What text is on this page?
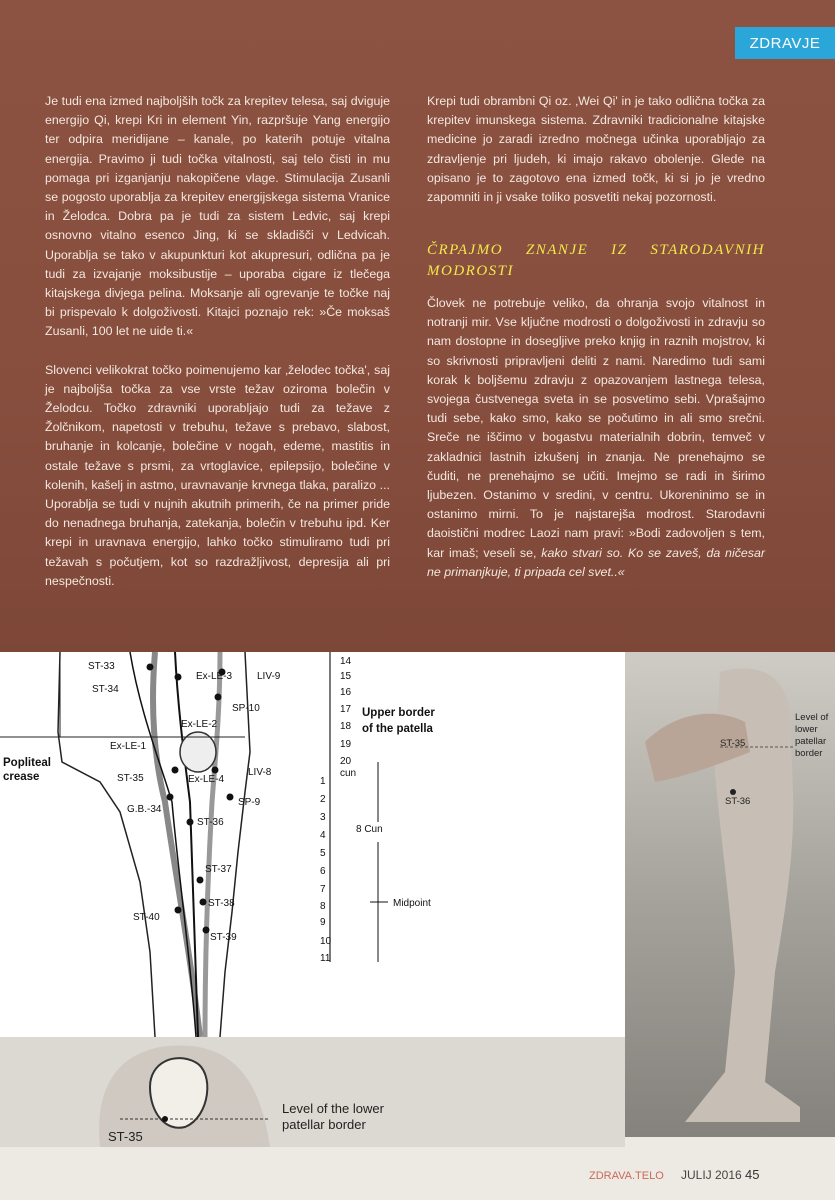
ZDRAVJE

Je tudi ena izmed najboljših točk za krepitev telesa, saj dviguje energijo Qi, krepi Kri in element Yin, razpršuje Yang energijo ter odpira meridijane – kanale, po katerih potuje vitalna energija. Pravimo ji tudi točka vitalnosti, saj telo čisti in mu pomaga pri izganjanju nakopičene vlage. Stimulacija Zusanli se pogosto uporablja za krepitev energijskega sistema Vranice in Želodca. Dobra pa je tudi za sistem Ledvic, saj krepi osnovno vitalno esenco Jing, ki se skladišči v Ledvicah. Uporablja se tako v akupunkturi kot akupresuri, odlična pa je tudi za izvajanje moksibustije – uporaba cigare iz tlečega kitajskega divjega pelina. Moksanje ali ogrevanje te točke naj bi prispevalo k dolgoživosti. Kitajci poznajo rek: »Če moksaš Zusanli, 100 let ne uide ti.«

Slovenci velikokrat točko poimenujemo kar ‚želodec točka', saj je najboljša točka za vse vrste težav oziroma bolečin v Želodcu. Točko zdravniki uporabljajo tudi za težave z Žolčnikom, napetosti v trebuhu, težave s prebavo, slabost, bruhanje in kolcanje, bolečine v nogah, edeme, mastitis in ostale težave s prsmi, za vrtoglavice, epilepsijo, bolečine v kolenih, kašelj in astmo, uravnavanje krvnega tlaka, paralizo ... Uporablja se tudi v nujnih akutnih primerih, če na primer pride do nenadnega bruhanja, zatekanja, bolečin v trebuhu ipd. Ker krepi in uravnava energijo, lahko točko stimuliramo tudi pri težavah s počutjem, kot so razdražljivost, depresija ali pri nespečnosti.

Krepi tudi obrambni Qi oz. ‚Wei Qi' in je tako odlična točka za krepitev imunskega sistema. Zdravniki tradicionalne kitajske medicine jo zaradi izredno močnega učinka uporabljajo za zdravljenje pri ljudeh, ki imajo rakavo obolenje. Glede na opisano je to zagotovo ena izmed točk, ki si jo je vredno zapomniti in ji vsake toliko posvetiti nekaj pozornosti.

ČRPAJMO ZNANJE IZ STARODAVNIH MODROSTI

Človek ne potrebuje veliko, da ohranja svojo vitalnost in notranji mir. Vse ključne modrosti o dolgoživosti in zdravju so nam dostopne in dosegljive preko knjig in raznih mojstrov, ki so skrivnosti pripravljeni deliti z nami. Naredimo tudi sami korak k boljšemu zdravju z opazovanjem lastnega telesa, svojega čustvenega sveta in se posvetimo sebi. Vprašajmo tudi sebe, kako smo, kako se počutimo in ali smo srečni. Sreče ne iščimo v bogastvu materialnih dobrin, temveč v zakladnici lastnih izkušenj in znanja. Ne prenehajmo se čuditi, ne prenehajmo se učiti. Imejmo se radi in širimo ljubezen. Ostanimo v sredini, v centru. Ukoreninimo se in ostanimo mirni. To je najstarejša modrost. Starodavni daoistični modrec Laozi nam pravi: »Bodi zadovoljen s tem, kar imaš; veseli se, kako stvari so. Ko se zaveš, da ničesar ne primanjkuje, ti pripada cel svet..«

ST-33
ST-34
Ex-LE-3 LIV-9
SP-10
Ex-LE-2
Ex-LE-1
ST-35	Ex-LE-4
LIV-8
G.B.-34
SP-9
ST-36
ST-37
ST-38
ST-40
ST-39
14
15
16
17
18
19
20
1
2
3
4
5
6
7
8
9
10
11
Upper border
of the patella
Popliteal
crease	cun
8 Cun
Midpoint
ST-35
Level of
lower
patellar
border
ST-36
Level of the lower
patellar border
ST-35
ZDRAVA.TELO JULIJ 2016 45
